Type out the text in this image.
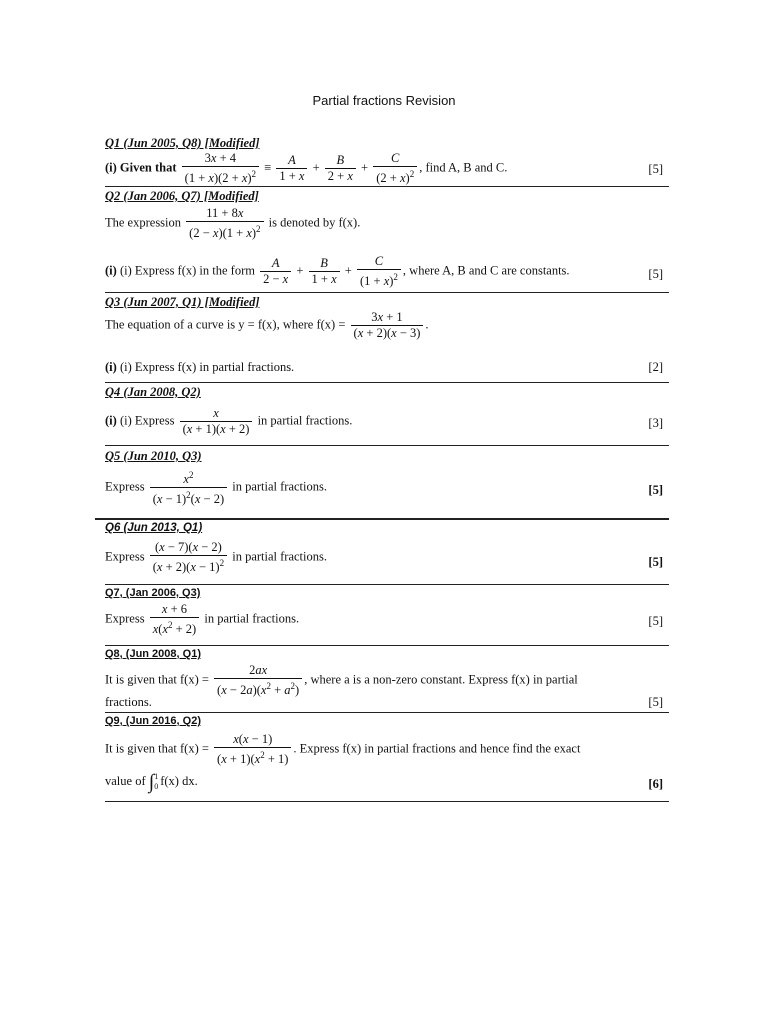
Partial fractions Revision
Q1 (Jun 2005, Q8) [Modified]
(i) Given that $\frac{3x + 4}{(1 + x)(2 + x)^2} \equiv \frac{A}{1 + x} + \frac{B}{2 + x} + \frac{C}{(2 + x)^2}$ , find A, B and C.	[5]
Q2 (Jan 2006, Q7) [Modified]
The expression $\frac{11 + 8x}{(2 - x)(1 + x)^2}$ is denoted by f(x).
(i) (i) Express f(x) in the form $\frac{A}{2 - x} + \frac{B}{1 + x} + \frac{C}{(1 + x)^2}$ , where A, B and C are constants.	[5]
Q3 (Jun 2007, Q1) [Modified]
The equation of a curve is y = f(x), where $f(x) = \frac{3x + 1}{(x + 2)(x - 3)}$ .
(i) (i) Express f(x) in partial fractions.	[2]
Q4 (Jan 2008, Q2)
(i) (i) Express $\frac{x}{(x + 1)(x + 2)}$ in partial fractions.	[3]
Q5 (Jun 2010, Q3)
Express $\frac{x^2}{(x - 1)^2(x - 2)}$ in partial fractions.	[5]
Q6 (Jun 2013, Q1)
Express $\frac{(x - 7)(x - 2)}{(x + 2)(x - 1)^2}$ in partial fractions.	[5]
Q7, (Jan 2006, Q3)
Express $\frac{x + 6}{x(x^2 + 2)}$ in partial fractions.	[5]
Q8, (Jun 2008, Q1)
It is given that $f(x) = \frac{2ax}{(x - 2a)(x^2 + a^2)}$ , where a is a non-zero constant. Express f(x) in partial
fractions.	[5]
Q9, (Jun 2016, Q2)
It is given that $f(x) = \frac{x(x - 1)}{(x + 1)(x^2 + 1)}$ . Express f(x) in partial fractions and hence find the exact
value of ∫ 1
0 f(x) dx.	[6]
